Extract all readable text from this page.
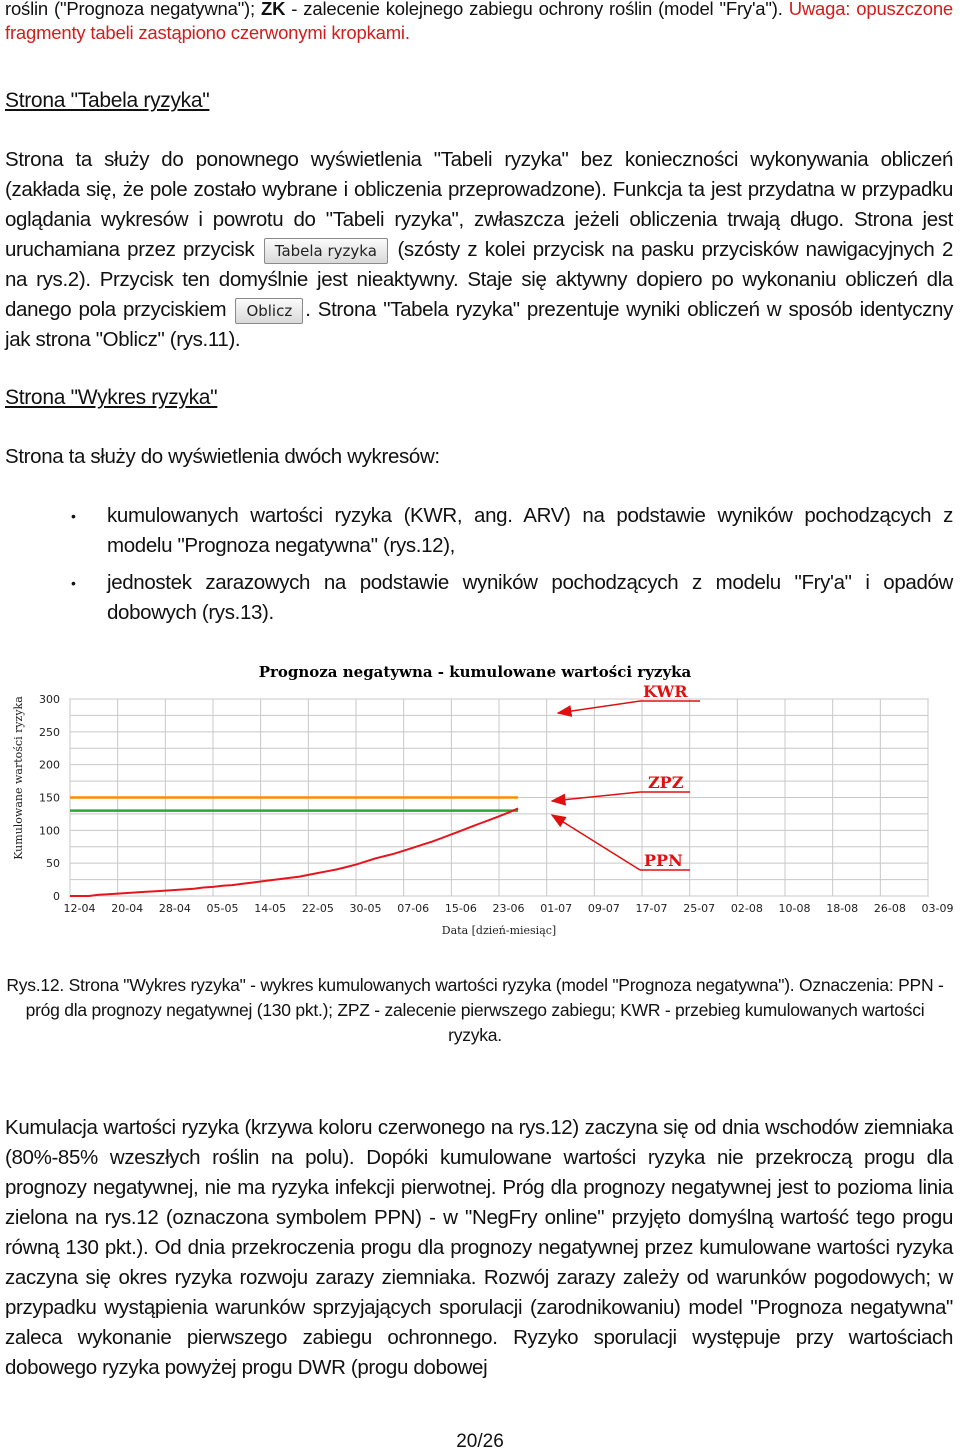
roślin ("Prognoza negatywna"); ZK - zalecenie kolejnego zabiegu ochrony roślin (model "Fry'a"). Uwaga: opuszczone fragmenty tabeli zastąpiono czerwonymi kropkami.

Strona "Tabela ryzyka"

Strona ta służy do ponownego wyświetlenia "Tabeli ryzyka" bez konieczności wykonywania obliczeń (zakłada się, że pole zostało wybrane i obliczenia przeprowadzone). Funkcja ta jest przydatna w przypadku oglądania wykresów i powrotu do "Tabeli ryzyka", zwłaszcza jeżeli obliczenia trwają długo. Strona jest uruchamiana przez przycisk Tabela ryzyka (szósty z kolei przycisk na pasku przycisków nawigacyjnych 2 na rys.2). Przycisk ten domyślnie jest nieaktywny. Staje się aktywny dopiero po wykonaniu obliczeń dla danego pola przyciskiem Oblicz . Strona "Tabela ryzyka" prezentuje wyniki obliczeń w sposób identyczny jak strona "Oblicz" (rys.11).

Strona "Wykres ryzyka"

Strona ta służy do wyświetlenia dwóch wykresów:

• kumulowanych wartości ryzyka (KWR, ang. ARV) na podstawie wyników pochodzących z modelu "Prognoza negatywna" (rys.12),
• jednostek zarazowych na podstawie wyników pochodzących z modelu "Fry'a" i opadów dobowych (rys.13).

Rys.12. Strona "Wykres ryzyka" - wykres kumulowanych wartości ryzyka (model "Prognoza negatywna"). Oznaczenia: PPN - próg dla prognozy negatywnej (130 pkt.); ZPZ - zalecenie pierwszego zabiegu; KWR - przebieg kumulowanych wartości ryzyka.

Kumulacja wartości ryzyka (krzywa koloru czerwonego na rys.12) zaczyna się od dnia wschodów ziemniaka (80%-85% wzeszłych roślin na polu). Dopóki kumulowane wartości ryzyka nie przekroczą progu dla prognozy negatywnej, nie ma ryzyka infekcji pierwotnej. Próg dla prognozy negatywnej jest to pozioma linia zielona na rys.12 (oznaczona symbolem PPN) - w "NegFry online" przyjęto domyślną wartość tego progu równą 130 pkt.). Od dnia przekroczenia progu dla prognozy negatywnej przez kumulowane wartości ryzyka zaczyna się okres ryzyka rozwoju zarazy ziemniaka. Rozwój zarazy zależy od warunków pogodowych; w przypadku wystąpienia warunków sprzyjających sporulacji (zarodnikowaniu) model "Prognoza negatywna" zaleca wykonanie pierwszego zabiegu ochronnego. Ryzyko sporulacji występuje przy wartościach dobowego ryzyka powyżej progu DWR (progu dobowej

Prognoza negatywna - kumulowane wartości ryzyka
Kumulowane wartości ryzyka
Data [dzień-miesiąc]
0
50
100
150
200
250
300
12-04 20-04 28-04 05-05 14-05 22-05 30-05 07-06 15-06 23-06 01-07 09-07 17-07 25-07 02-08 10-08 18-08 26-08 03-09
KWR
ZPZ
PPN
20/26
